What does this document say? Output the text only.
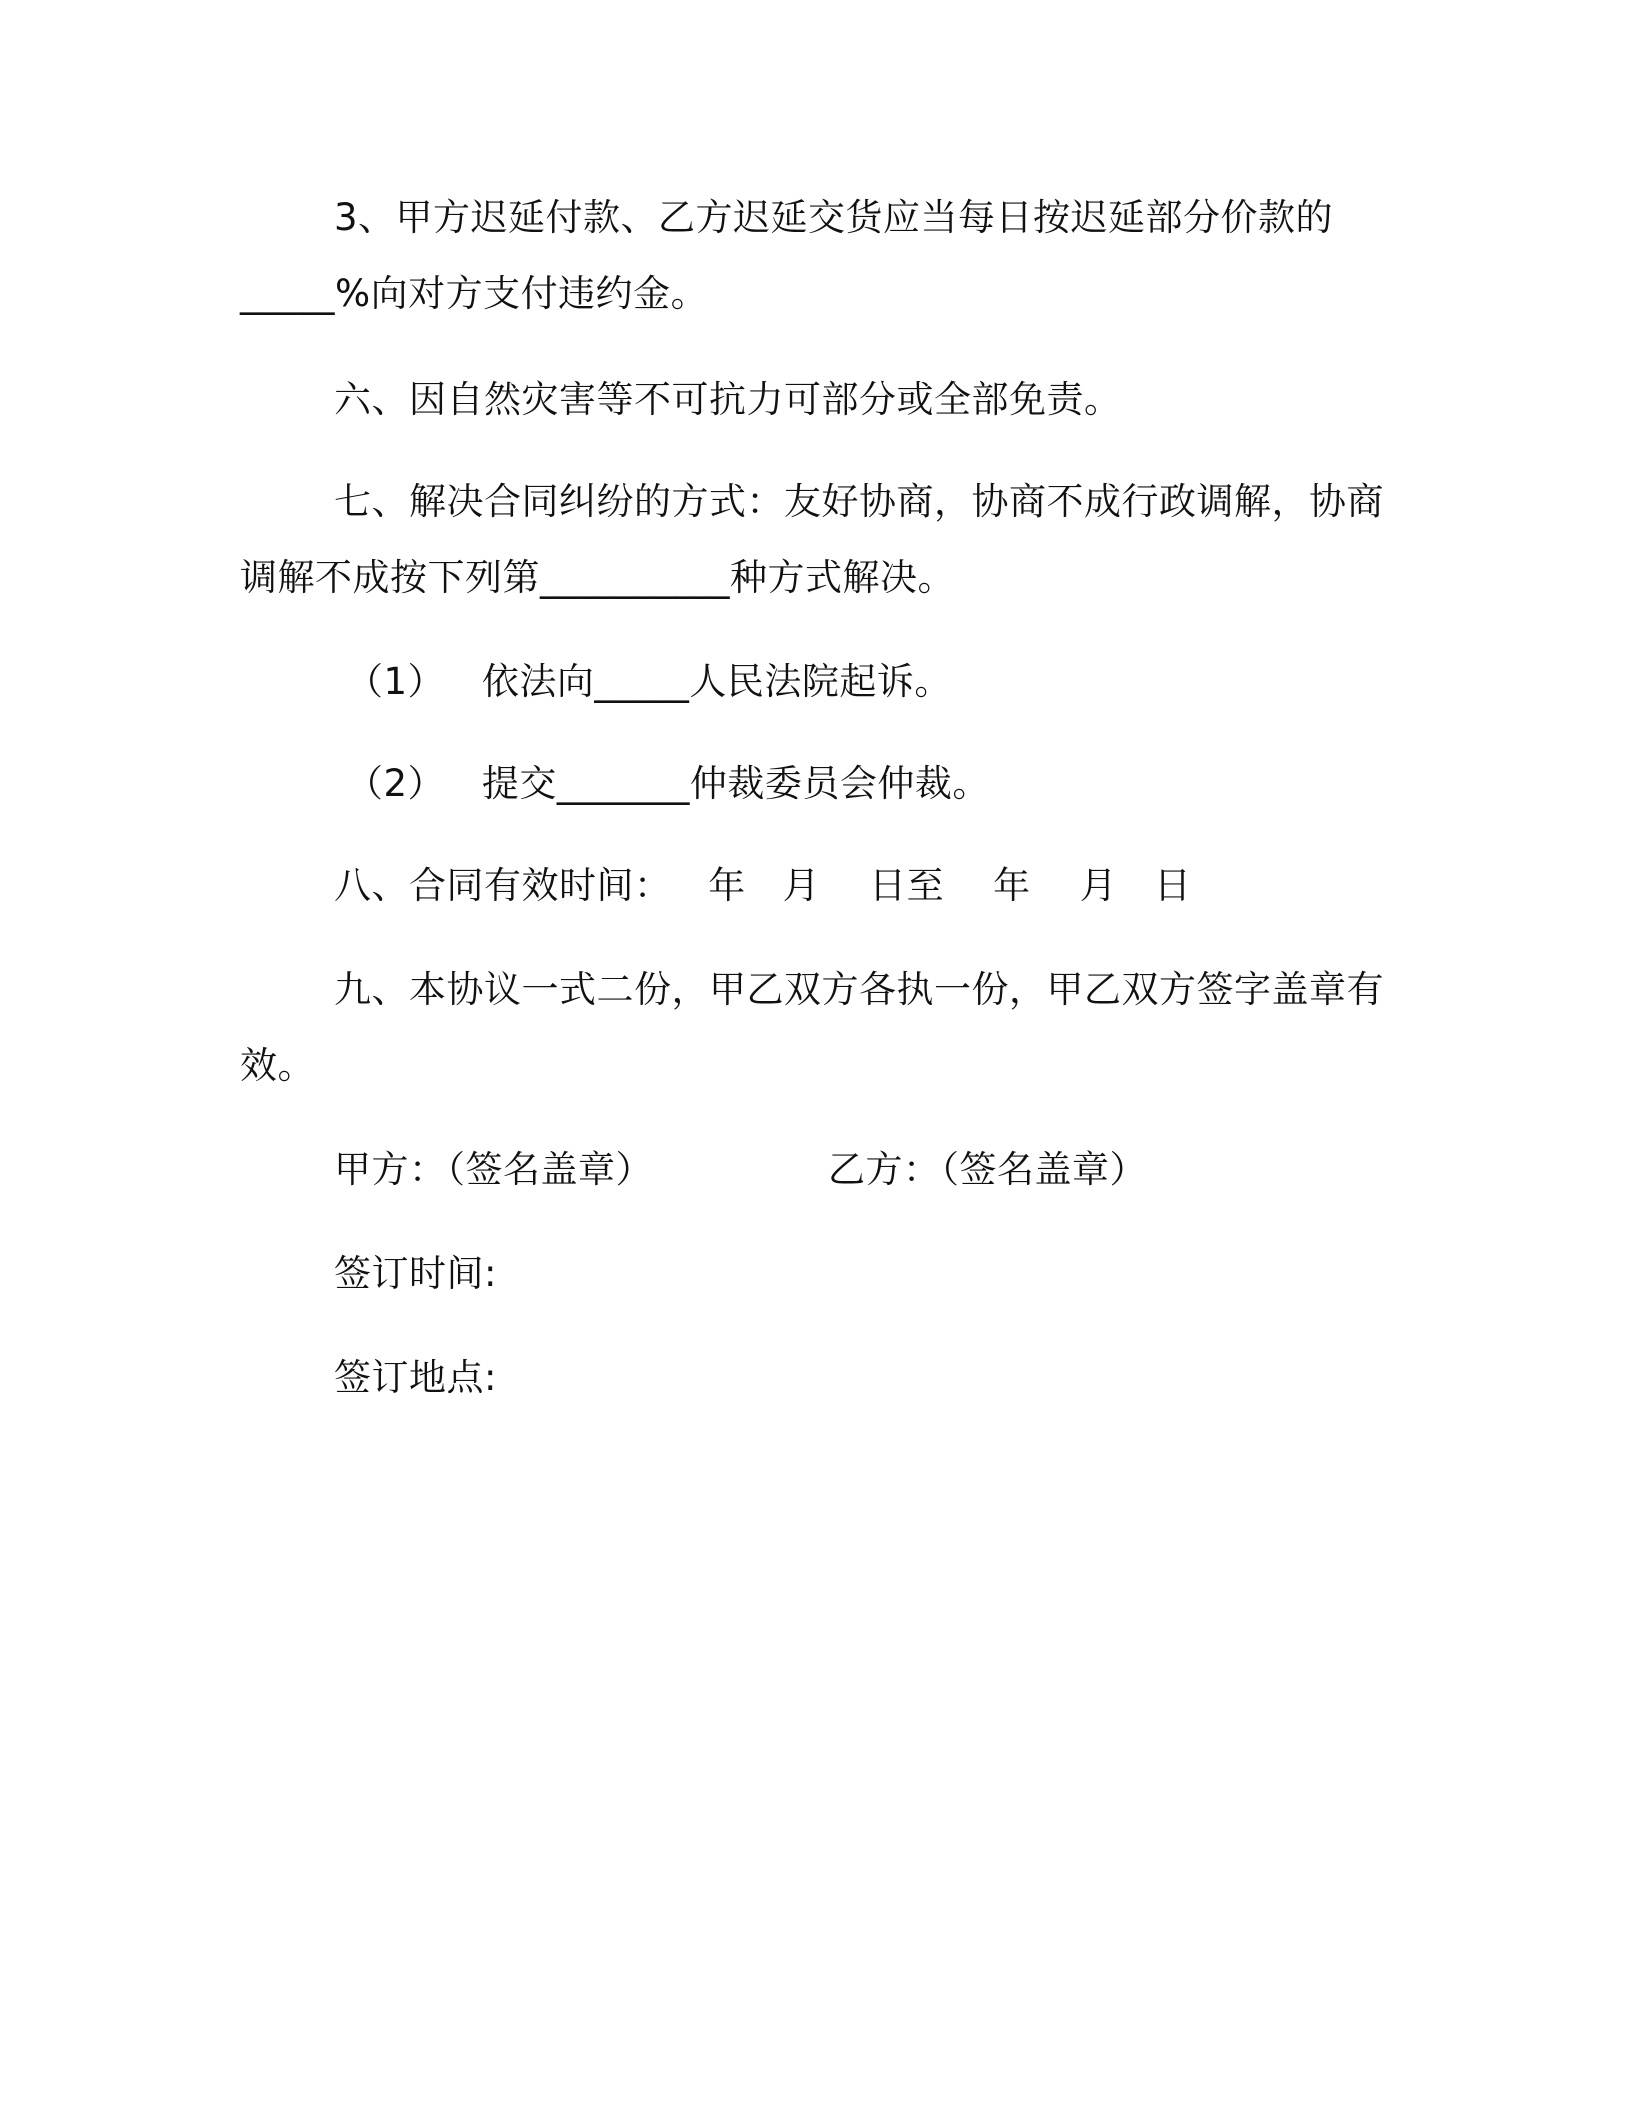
3、甲方迟延付款、乙方迟延交货应当每日按迟延部分价款的
_____%向对方支付违约金。
六、因自然灾害等不可抗力可部分或全部免责。
七、解决合同纠纷的方式：友好协商，协商不成行政调解，协商
调解不成按下列第__________种方式解决。
（1）   依法向_____人民法院起诉。
（2）   提交_______仲裁委员会仲裁。
八、合同有效时间：   年   月    日至    年    月   日
九、本协议一式二份，甲乙双方各执一份，甲乙双方签字盖章有
效。
甲方：（签名盖章）	乙方：（签名盖章）
签订时间:
签订地点:
